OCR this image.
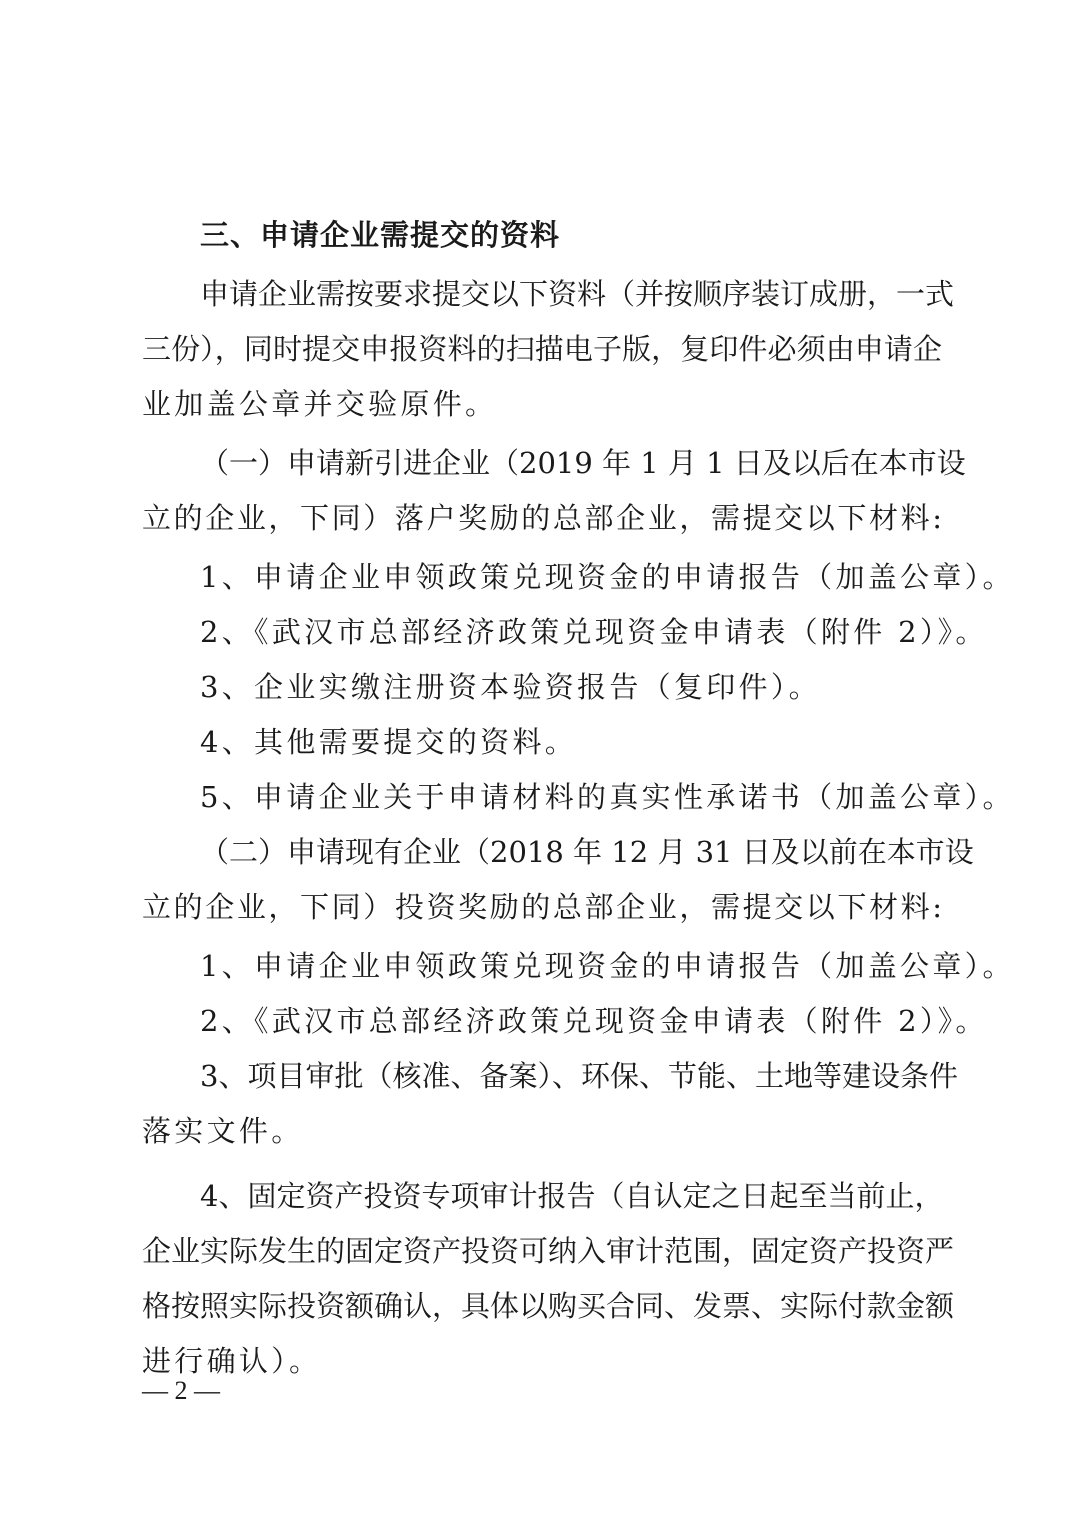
三、申请企业需提交的资料
申请企业需按要求提交以下资料（并按顺序装订成册，一式
三份），同时提交申报资料的扫描电子版，复印件必须由申请企
业加盖公章并交验原件。
（一）申请新引进企业（2019 年 1 月 1 日及以后在本市设
立的企业，下同）落户奖励的总部企业，需提交以下材料:
1、申请企业申领政策兑现资金的申请报告（加盖公章）。
2、《武汉市总部经济政策兑现资金申请表（附件 2）》。
3、企业实缴注册资本验资报告（复印件）。
4、其他需要提交的资料。
5、申请企业关于申请材料的真实性承诺书（加盖公章）。
（二）申请现有企业（2018 年 12 月 31 日及以前在本市设
立的企业，下同）投资奖励的总部企业，需提交以下材料:
1、申请企业申领政策兑现资金的申请报告（加盖公章）。
2、《武汉市总部经济政策兑现资金申请表（附件 2）》。
3、项目审批（核准、备案）、环保、节能、土地等建设条件
落实文件。
4、固定资产投资专项审计报告（自认定之日起至当前止，
企业实际发生的固定资产投资可纳入审计范围，固定资产投资严
格按照实际投资额确认，具体以购买合同、发票、实际付款金额
进行确认）。
— 2 —
